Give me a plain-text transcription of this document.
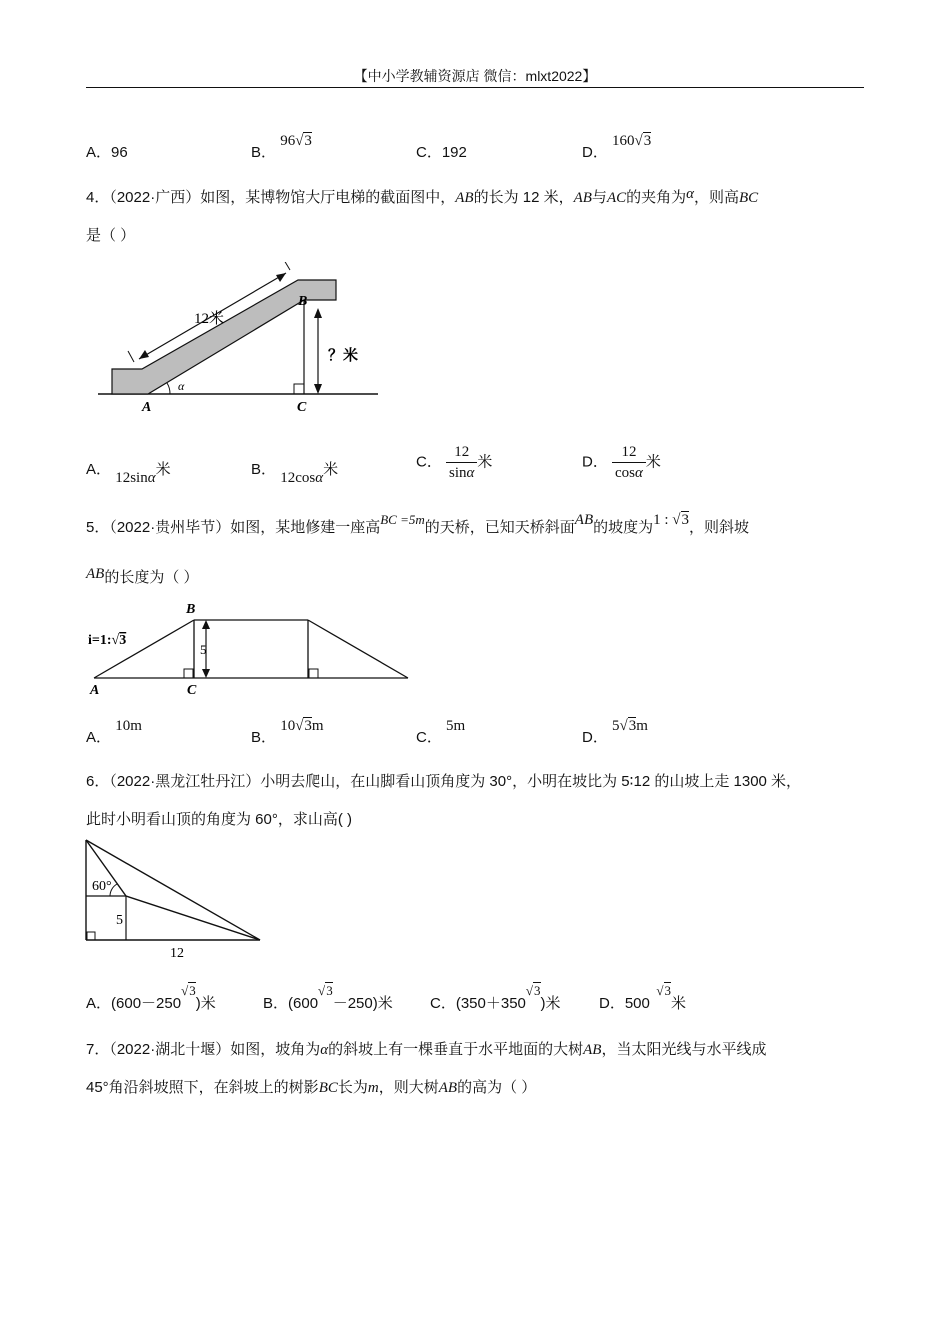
【中小学教辅资源店 微信：mlxt2022】
A．96	B． 96√3
C．192	D． 160√3
4．（2022·广西）如图，某博物馆大厅电梯的截面图中，AB的长为 12 米，AB与AC的夹角为α，则高BC
是（ ）
12米
？米
B
A	C
α
A． 12sinα米	B． 12cosα米	C． $\frac{12}{\sin\alpha}$ 米	D． $\frac{12}{\cos\alpha}$ 米
5．（2022·贵州毕节）如图，某地修建一座高BC =5m的天桥，已知天桥斜面AB的坡度为1 : √3，则斜坡
AB的长度为（ ）
i=1:√3
B
A	C
5
A． 10m
B． 10√3m
C． 5m
D． 5√3m
6．（2022·黑龙江牡丹江）小明去爬山，在山脚看山顶角度为 30°，小明在坡比为 5∶12 的山坡上走 1300 米，
此时小明看山顶的角度为 60°，求山高( )
60°
5
12
A．(600－250√3)米	B．(600√3－250)米 C．(350＋350√3)米	D．500  √3米
7．（2022·湖北十堰）如图，坡角为α的斜坡上有一棵垂直于水平地面的大树AB，当太阳光线与水平线成
45°角沿斜坡照下，在斜坡上的树影BC长为m，则大树AB的高为（ ）
